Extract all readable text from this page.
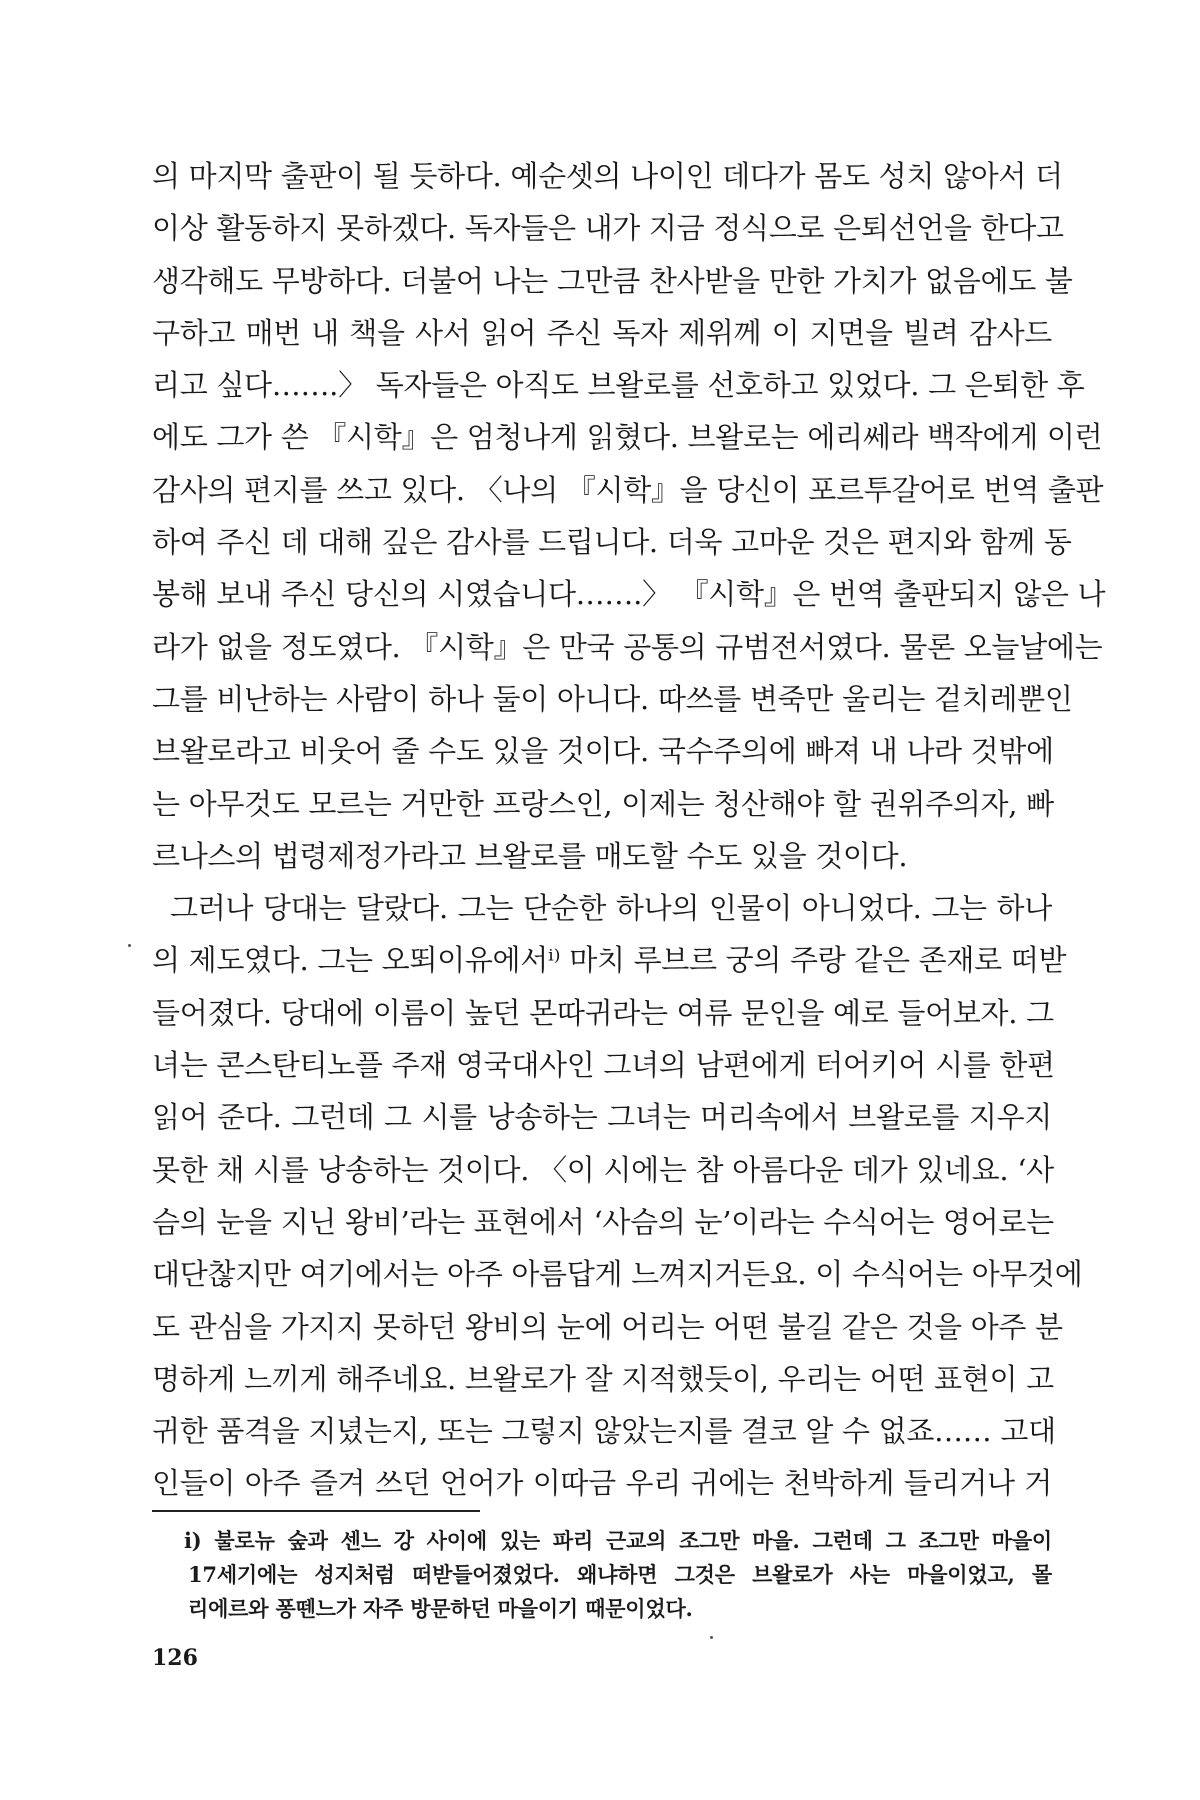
의 마지막 출판이 될 듯하다. 예순셋의 나이인 데다가 몸도 성치 않아서 더
이상 활동하지 못하겠다. 독자들은 내가 지금 정식으로 은퇴선언을 한다고
생각해도 무방하다. 더불어 나는 그만큼 찬사받을 만한 가치가 없음에도 불
구하고 매번 내 책을 사서 읽어 주신 독자 제위께 이 지면을 빌려 감사드
리고 싶다…….〉 독자들은 아직도 브왈로를 선호하고 있었다. 그 은퇴한 후
에도 그가 쓴 『시학』은 엄청나게 읽혔다. 브왈로는 에리쎄라 백작에게 이런
감사의 편지를 쓰고 있다. 〈나의 『시학』을 당신이 포르투갈어로 번역 출판
하여 주신 데 대해 깊은 감사를 드립니다. 더욱 고마운 것은 편지와 함께 동
봉해 보내 주신 당신의 시였습니다…….〉 『시학』은 번역 출판되지 않은 나
라가 없을 정도였다. 『시학』은 만국 공통의 규범전서였다. 물론 오늘날에는
그를 비난하는 사람이 하나 둘이 아니다. 따쓰를 변죽만 울리는 겉치레뿐인
브왈로라고 비웃어 줄 수도 있을 것이다. 국수주의에 빠져 내 나라 것밖에
는 아무것도 모르는 거만한 프랑스인, 이제는 청산해야 할 권위주의자, 빠
르나스의 법령제정가라고 브왈로를 매도할 수도 있을 것이다.
그러나 당대는 달랐다. 그는 단순한 하나의 인물이 아니었다. 그는 하나
의 제도였다. 그는 오뙤이유에서ⁱ⁾ 마치 루브르 궁의 주랑 같은 존재로 떠받
들어졌다. 당대에 이름이 높던 몬따귀라는 여류 문인을 예로 들어보자. 그
녀는 콘스탄티노플 주재 영국대사인 그녀의 남편에게 터어키어 시를 한편
읽어 준다. 그런데 그 시를 낭송하는 그녀는 머리속에서 브왈로를 지우지
못한 채 시를 낭송하는 것이다. 〈이 시에는 참 아름다운 데가 있네요. ‘사
슴의 눈을 지닌 왕비’라는 표현에서 ‘사슴의 눈’이라는 수식어는 영어로는
대단찮지만 여기에서는 아주 아름답게 느껴지거든요. 이 수식어는 아무것에
도 관심을 가지지 못하던 왕비의 눈에 어리는 어떤 불길 같은 것을 아주 분
명하게 느끼게 해주네요. 브왈로가 잘 지적했듯이, 우리는 어떤 표현이 고
귀한 품격을 지녔는지, 또는 그렇지 않았는지를 결코 알 수 없죠…… 고대
인들이 아주 즐겨 쓰던 언어가 이따금 우리 귀에는 천박하게 들리거나 거
i) 불로뉴 숲과 센느 강 사이에 있는 파리 근교의 조그만 마을. 그런데 그 조그만 마을이
17세기에는 성지처럼 떠받들어졌었다. 왜냐하면 그것은 브왈로가 사는 마을이었고, 몰
리에르와 퐁뗀느가 자주 방문하던 마을이기 때문이었다.
126
